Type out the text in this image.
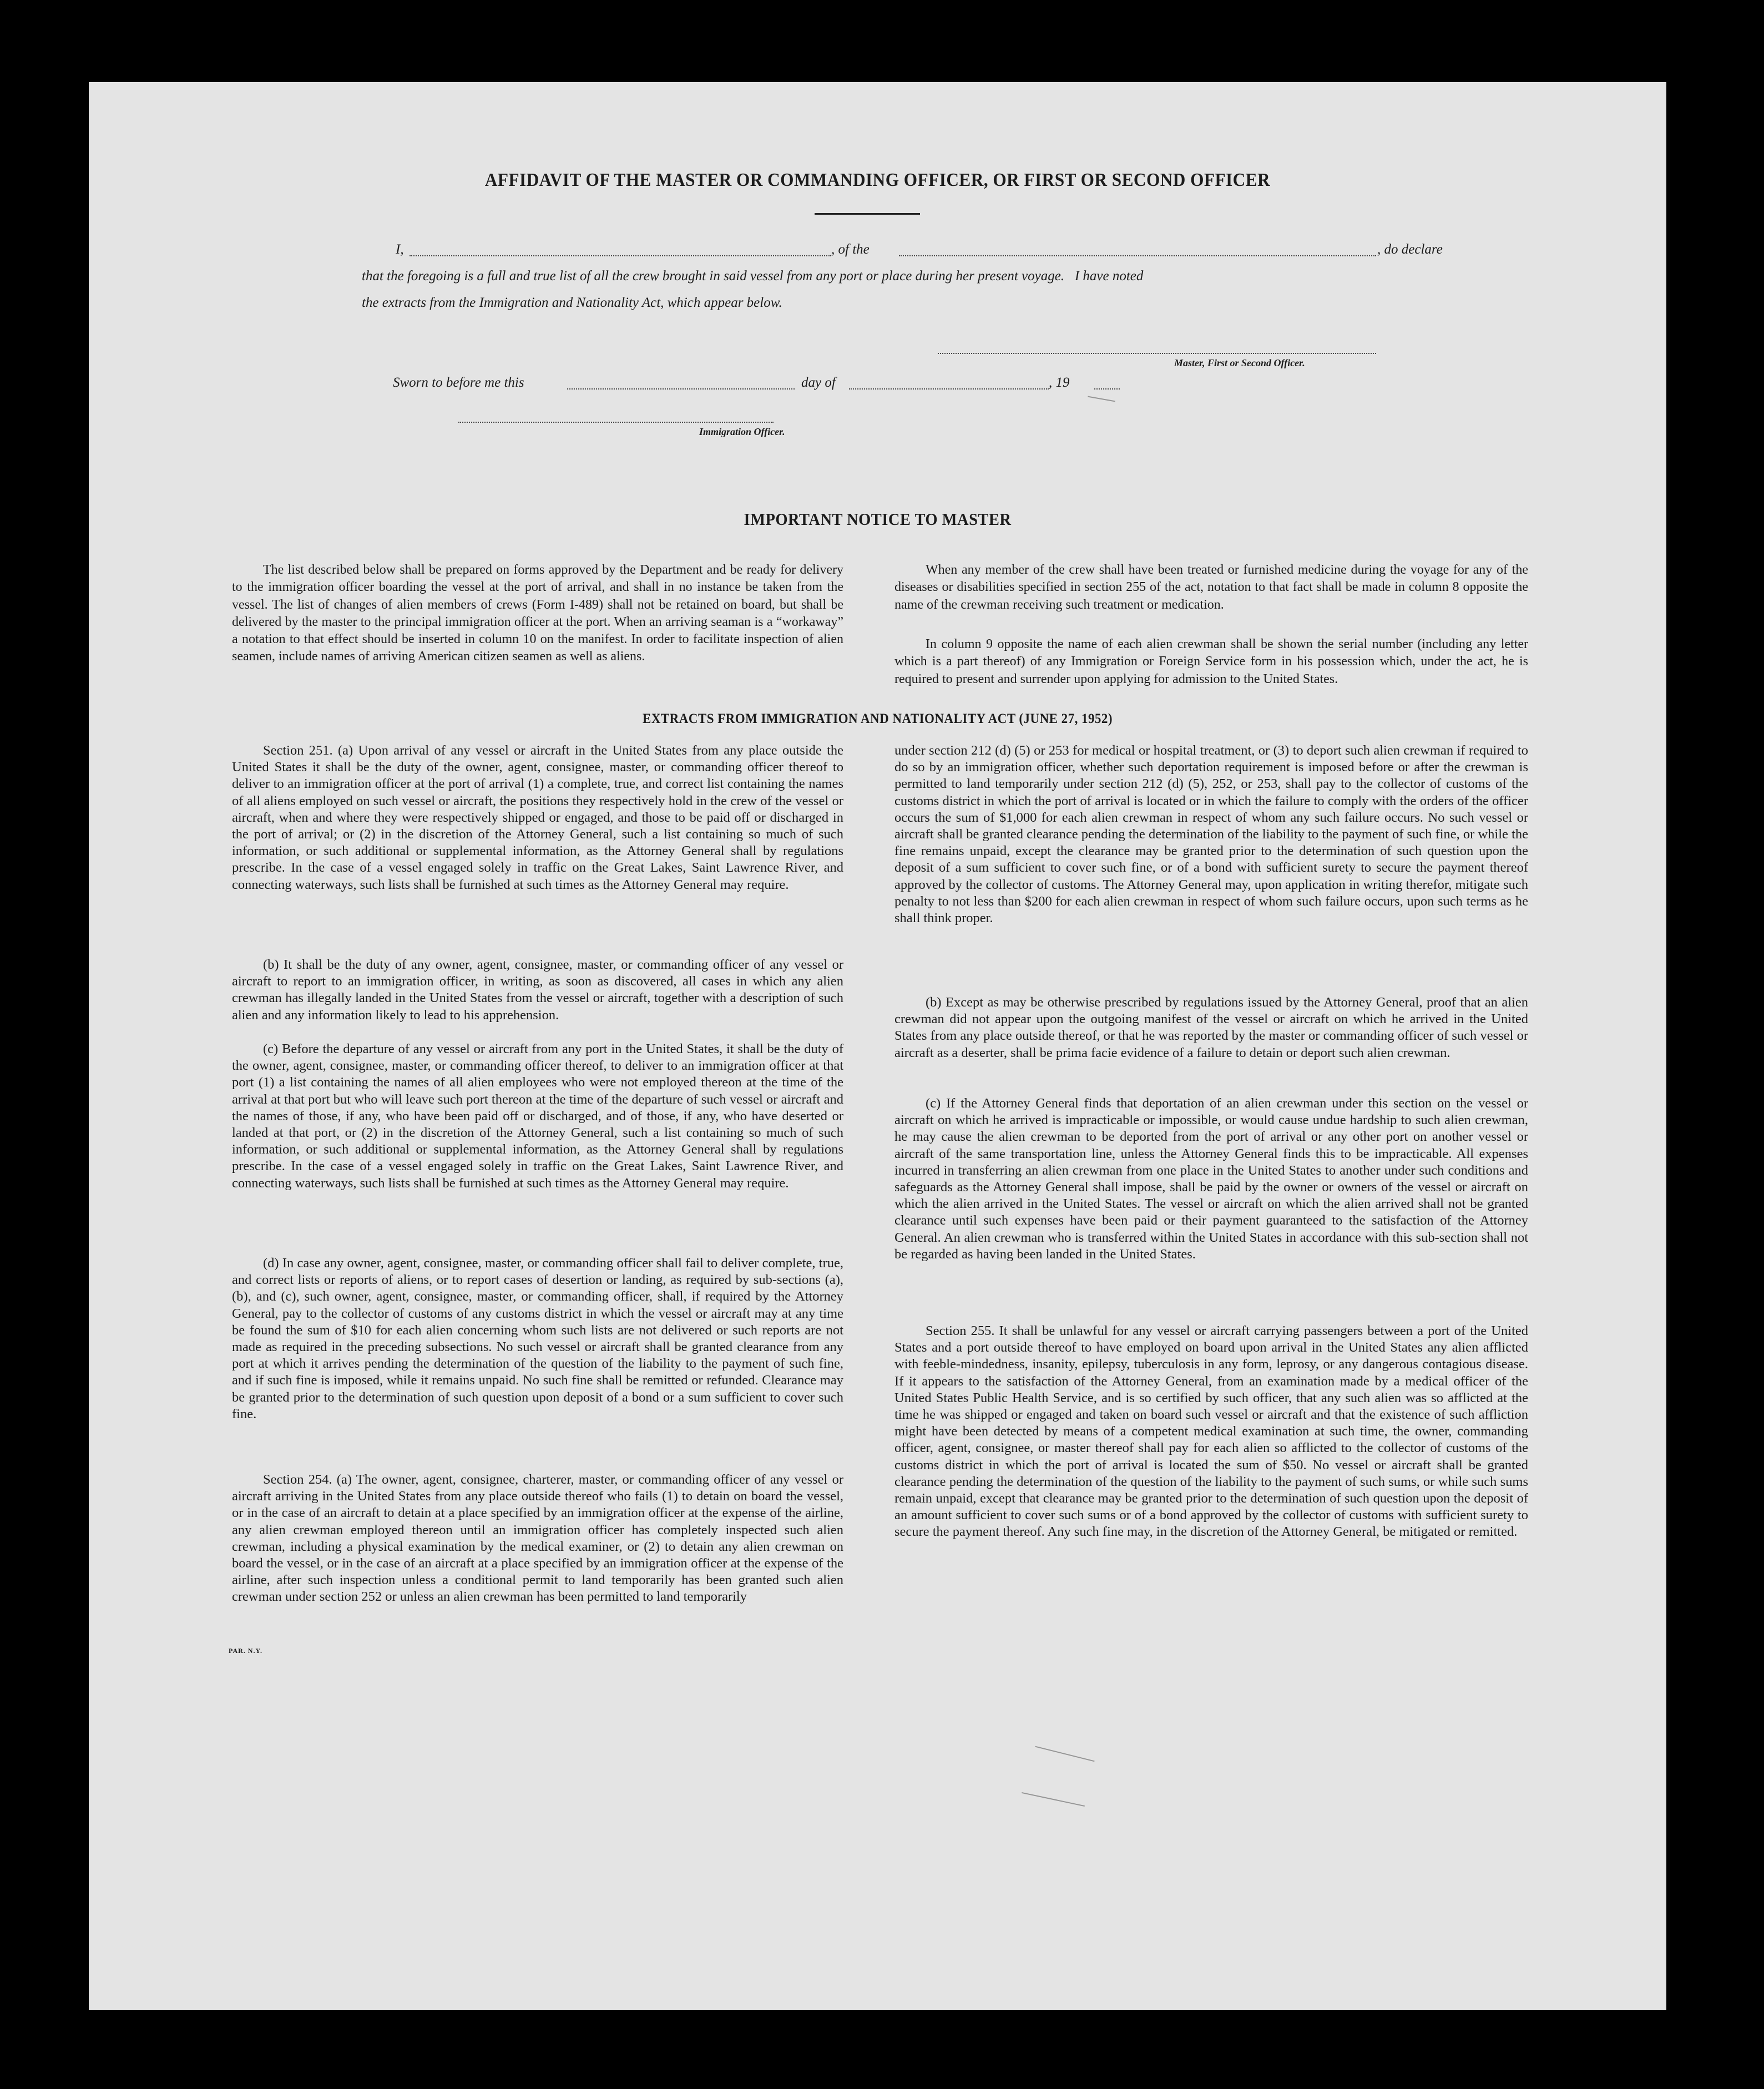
AFFIDAVIT OF THE MASTER OR COMMANDING OFFICER, OR FIRST OR SECOND OFFICER
I,	, of the	, do declare
that the foregoing is a full and true list of all the crew brought in said vessel from any port or place during her present voyage.   I have noted
the extracts from the Immigration and Nationality Act, which appear below.
Master, First or Second Officer.
Sworn to before me this	day of	, 19
Immigration Officer.
IMPORTANT NOTICE TO MASTER

The list described below shall be prepared on forms approved by the Department and be ready for delivery to the immigration officer boarding the vessel at the port of arrival, and shall in no instance be taken from the vessel. The list of changes of alien members of crews (Form I-489) shall not be retained on board, but shall be delivered by the master to the principal immigration officer at the port. When an arriving seaman is a “workaway” a notation to that effect should be inserted in column 10 on the manifest. In order to facilitate inspection of alien seamen, include names of arriving American citizen seamen as well as aliens.

When any member of the crew shall have been treated or furnished medicine during the voyage for any of the diseases or disabilities specified in section 255 of the act, notation to that fact shall be made in column 8 opposite the name of the crewman receiving such treatment or medication.

In column 9 opposite the name of each alien crewman shall be shown the serial number (including any letter which is a part thereof) of any Immigration or Foreign Service form in his possession which, under the act, he is required to present and surrender upon applying for admission to the United States.

EXTRACTS FROM IMMIGRATION AND NATIONALITY ACT (JUNE 27, 1952)

Section 251. (a) Upon arrival of any vessel or aircraft in the United States from any place outside the United States it shall be the duty of the owner, agent, consignee, master, or commanding officer thereof to deliver to an immigration officer at the port of arrival (1) a complete, true, and correct list containing the names of all aliens employed on such vessel or aircraft, the positions they respectively hold in the crew of the vessel or aircraft, when and where they were respectively shipped or engaged, and those to be paid off or discharged in the port of arrival; or (2) in the discretion of the Attorney General, such a list containing so much of such information, or such additional or supplemental information, as the Attorney General shall by regulations prescribe. In the case of a vessel engaged solely in traffic on the Great Lakes, Saint Lawrence River, and connecting waterways, such lists shall be furnished at such times as the Attorney General may require.

(b) It shall be the duty of any owner, agent, consignee, master, or commanding officer of any vessel or aircraft to report to an immigration officer, in writing, as soon as discovered, all cases in which any alien crewman has illegally landed in the United States from the vessel or aircraft, together with a description of such alien and any information likely to lead to his apprehension.

(c) Before the departure of any vessel or aircraft from any port in the United States, it shall be the duty of the owner, agent, consignee, master, or commanding officer thereof, to deliver to an immigration officer at that port (1) a list containing the names of all alien employees who were not employed thereon at the time of the arrival at that port but who will leave such port thereon at the time of the departure of such vessel or aircraft and the names of those, if any, who have been paid off or discharged, and of those, if any, who have deserted or landed at that port, or (2) in the discretion of the Attorney General, such a list containing so much of such information, or such additional or supplemental information, as the Attorney General shall by regulations prescribe. In the case of a vessel engaged solely in traffic on the Great Lakes, Saint Lawrence River, and connecting waterways, such lists shall be furnished at such times as the Attorney General may require.

(d) In case any owner, agent, consignee, master, or commanding officer shall fail to deliver complete, true, and correct lists or reports of aliens, or to report cases of desertion or landing, as required by sub-sections (a), (b), and (c), such owner, agent, consignee, master, or commanding officer, shall, if required by the Attorney General, pay to the collector of customs of any customs district in which the vessel or aircraft may at any time be found the sum of $10 for each alien concerning whom such lists are not delivered or such reports are not made as required in the preceding subsections. No such vessel or aircraft shall be granted clearance from any port at which it arrives pending the determination of the question of the liability to the payment of such fine, and if such fine is imposed, while it remains unpaid. No such fine shall be remitted or refunded. Clearance may be granted prior to the determination of such question upon deposit of a bond or a sum sufficient to cover such fine.

Section 254. (a) The owner, agent, consignee, charterer, master, or commanding officer of any vessel or aircraft arriving in the United States from any place outside thereof who fails (1) to detain on board the vessel, or in the case of an aircraft to detain at a place specified by an immigration officer at the expense of the airline, any alien crewman employed thereon until an immigration officer has completely inspected such alien crewman, including a physical examination by the medical examiner, or (2) to detain any alien crewman on board the vessel, or in the case of an aircraft at a place specified by an immigration officer at the expense of the airline, after such inspection unless a conditional permit to land temporarily has been granted such alien crewman under section 252 or unless an alien crewman has been permitted to land temporarily

under section 212 (d) (5) or 253 for medical or hospital treatment, or (3) to deport such alien crewman if required to do so by an immigration officer, whether such deportation requirement is imposed before or after the crewman is permitted to land temporarily under section 212 (d) (5), 252, or 253, shall pay to the collector of customs of the customs district in which the port of arrival is located or in which the failure to comply with the orders of the officer occurs the sum of $1,000 for each alien crewman in respect of whom any such failure occurs. No such vessel or aircraft shall be granted clearance pending the determination of the liability to the payment of such fine, or while the fine remains unpaid, except the clearance may be granted prior to the determination of such question upon the deposit of a sum sufficient to cover such fine, or of a bond with sufficient surety to secure the payment thereof approved by the collector of customs. The Attorney General may, upon application in writing therefor, mitigate such penalty to not less than $200 for each alien crewman in respect of whom such failure occurs, upon such terms as he shall think proper.

(b) Except as may be otherwise prescribed by regulations issued by the Attorney General, proof that an alien crewman did not appear upon the outgoing manifest of the vessel or aircraft on which he arrived in the United States from any place outside thereof, or that he was reported by the master or commanding officer of such vessel or aircraft as a deserter, shall be prima facie evidence of a failure to detain or deport such alien crewman.

(c) If the Attorney General finds that deportation of an alien crewman under this section on the vessel or aircraft on which he arrived is impracticable or impossible, or would cause undue hardship to such alien crewman, he may cause the alien crewman to be deported from the port of arrival or any other port on another vessel or aircraft of the same transportation line, unless the Attorney General finds this to be impracticable. All expenses incurred in transferring an alien crewman from one place in the United States to another under such conditions and safeguards as the Attorney General shall impose, shall be paid by the owner or owners of the vessel or aircraft on which the alien arrived in the United States. The vessel or aircraft on which the alien arrived shall not be granted clearance until such expenses have been paid or their payment guaranteed to the satisfaction of the Attorney General. An alien crewman who is transferred within the United States in accordance with this sub-section shall not be regarded as having been landed in the United States.

Section 255. It shall be unlawful for any vessel or aircraft carrying passengers between a port of the United States and a port outside thereof to have employed on board upon arrival in the United States any alien afflicted with feeble-mindedness, insanity, epilepsy, tuberculosis in any form, leprosy, or any dangerous contagious disease. If it appears to the satisfaction of the Attorney General, from an examination made by a medical officer of the United States Public Health Service, and is so certified by such officer, that any such alien was so afflicted at the time he was shipped or engaged and taken on board such vessel or aircraft and that the existence of such affliction might have been detected by means of a competent medical examination at such time, the owner, commanding officer, agent, consignee, or master thereof shall pay for each alien so afflicted to the collector of customs of the customs district in which the port of arrival is located the sum of $50. No vessel or aircraft shall be granted clearance pending the determination of the question of the liability to the payment of such sums, or while such sums remain unpaid, except that clearance may be granted prior to the determination of such question upon the deposit of an amount sufficient to cover such sums or of a bond approved by the collector of customs with sufficient surety to secure the payment thereof. Any such fine may, in the discretion of the Attorney General, be mitigated or remitted.

PAR. N.Y.
